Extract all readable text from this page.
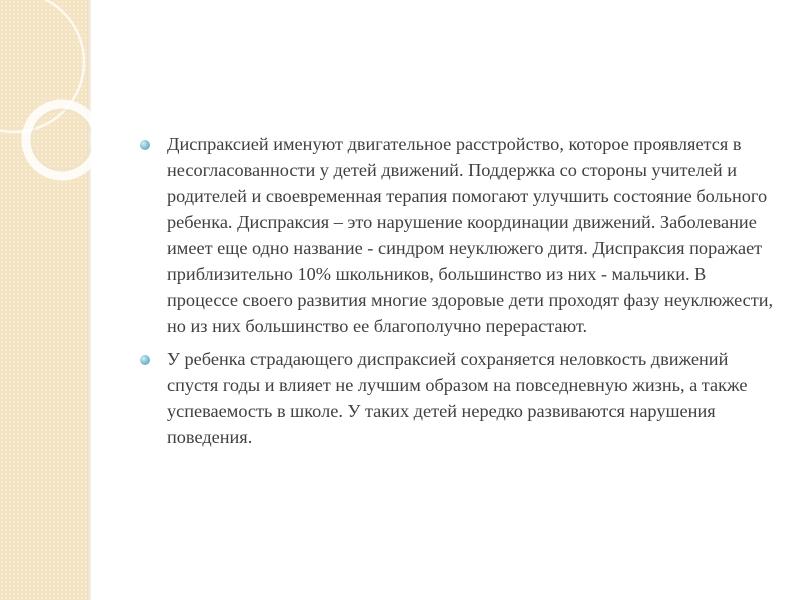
Диспраксией именуют двигательное расстройство, которое проявляется в несогласованности у детей движений. Поддержка со стороны учителей и родителей и своевременная терапия помогают улучшить состояние больного ребенка. Диспраксия – это нарушение координации движений. Заболевание имеет еще одно название - синдром неуклюжего дитя. Диспраксия поражает приблизительно 10% школьников, большинство из них - мальчики. В процессе своего развития многие здоровые дети проходят фазу неуклюжести, но из них большинство ее благополучно перерастают.
У ребенка страдающего диспраксией сохраняется неловкость движений спустя годы и влияет не лучшим образом на повседневную жизнь, а также успеваемость в школе. У таких детей нередко развиваются нарушения поведения.
